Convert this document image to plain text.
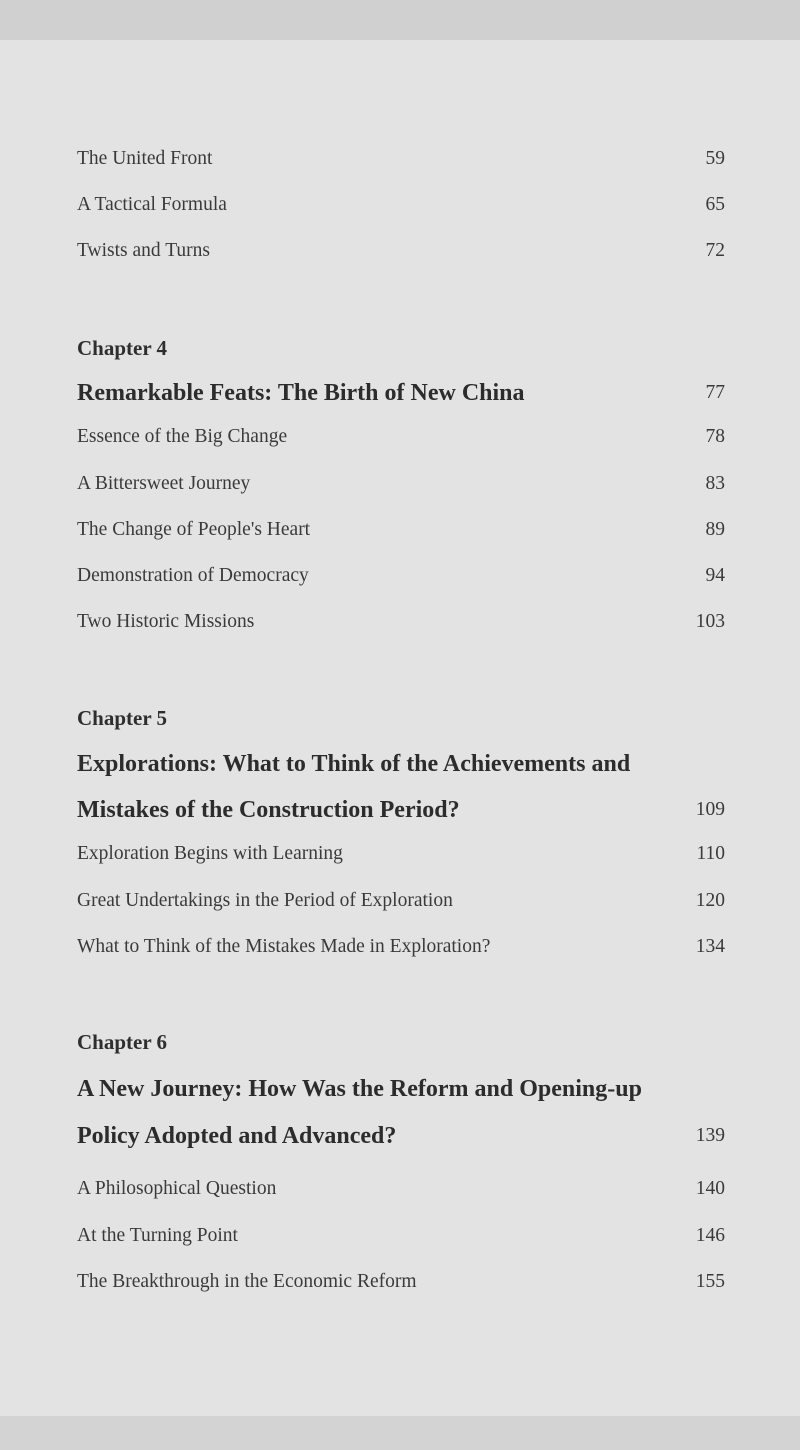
The United Front	59
A Tactical Formula	65
Twists and Turns	72
Chapter 4
Remarkable Feats: The Birth of New China	77
Essence of the Big Change	78
A Bittersweet Journey	83
The Change of People's Heart	89
Demonstration of Democracy	94
Two Historic Missions	103
Chapter 5
Explorations: What to Think of the Achievements and
Mistakes of the Construction Period?	109
Exploration Begins with Learning	110
Great Undertakings in the Period of Exploration	120
What to Think of the Mistakes Made in Exploration?	134
Chapter 6
A New Journey: How Was the Reform and Opening-up
Policy Adopted and Advanced?	139
A Philosophical Question	140
At the Turning Point	146
The Breakthrough in the Economic Reform	155
